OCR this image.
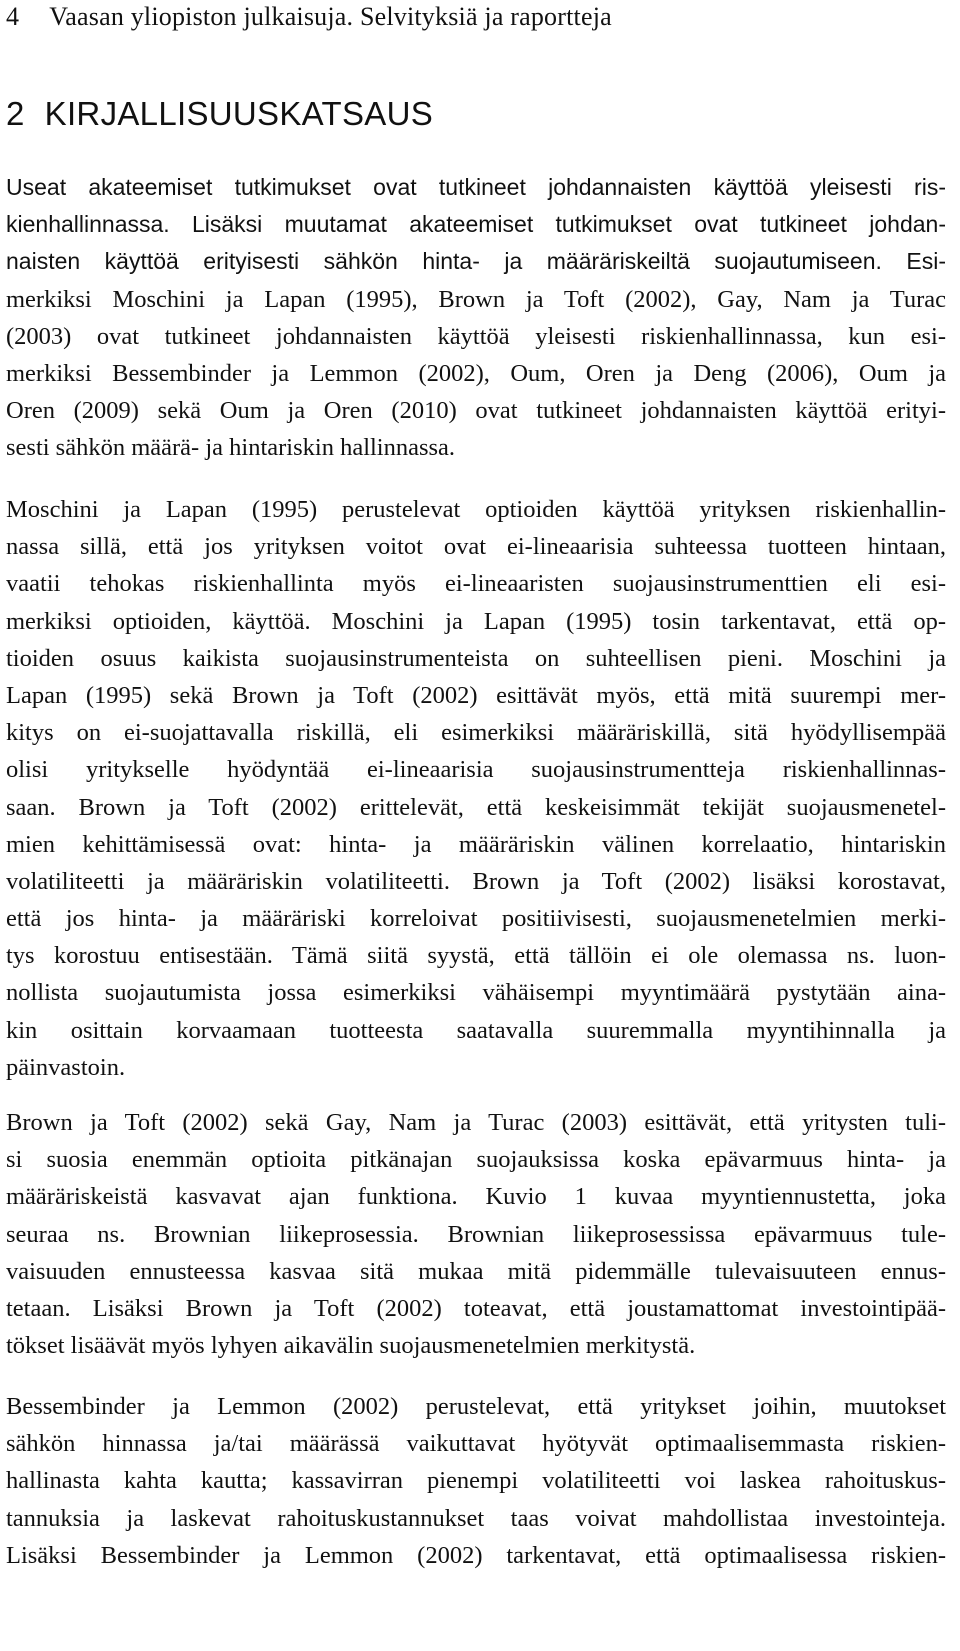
4 Vaasan yliopiston julkaisuja. Selvityksiä ja raportteja
2 KIRJALLISUUSKATSAUS
Useat akateemiset tutkimukset ovat tutkineet johdannaisten käyttöä yleisesti ris-
kienhallinnassa. Lisäksi muutamat akateemiset tutkimukset ovat tutkineet johdan-
naisten käyttöä erityisesti sähkön hinta- ja määräriskeiltä suojautumiseen. Esi-
merkiksi Moschini ja Lapan (1995), Brown ja Toft (2002), Gay, Nam ja Turac
(2003) ovat tutkineet johdannaisten käyttöä yleisesti riskienhallinnassa, kun esi-
merkiksi Bessembinder ja Lemmon (2002), Oum, Oren ja Deng (2006), Oum ja
Oren (2009) sekä Oum ja Oren (2010) ovat tutkineet johdannaisten käyttöä erityi-
sesti sähkön määrä- ja hintariskin hallinnassa.
Moschini ja Lapan (1995) perustelevat optioiden käyttöä yrityksen riskienhallin-
nassa sillä, että jos yrityksen voitot ovat ei-lineaarisia suhteessa tuotteen hintaan,
vaatii tehokas riskienhallinta myös ei-lineaaristen suojausinstrumenttien eli esi-
merkiksi optioiden, käyttöä. Moschini ja Lapan (1995) tosin tarkentavat, että op-
tioiden osuus kaikista suojausinstrumenteista on suhteellisen pieni. Moschini ja
Lapan (1995) sekä Brown ja Toft (2002) esittävät myös, että mitä suurempi mer-
kitys on ei-suojattavalla riskillä, eli esimerkiksi määräriskillä, sitä hyödyllisempää
olisi yritykselle hyödyntää ei-lineaarisia suojausinstrumentteja riskienhallinnas-
saan. Brown ja Toft (2002) erittelevät, että keskeisimmät tekijät suojausmenetel-
mien kehittämisessä ovat: hinta- ja määräriskin välinen korrelaatio, hintariskin
volatiliteetti ja määräriskin volatiliteetti. Brown ja Toft (2002) lisäksi korostavat,
että jos hinta- ja määräriski korreloivat positiivisesti, suojausmenetelmien merki-
tys korostuu entisestään. Tämä siitä syystä, että tällöin ei ole olemassa ns. luon-
nollista suojautumista jossa esimerkiksi vähäisempi myyntimäärä pystytään aina-
kin osittain korvaamaan tuotteesta saatavalla suuremmalla myyntihinnalla ja
päinvastoin.
Brown ja Toft (2002) sekä Gay, Nam ja Turac (2003) esittävät, että yritysten tuli-
si suosia enemmän optioita pitkänajan suojauksissa koska epävarmuus hinta- ja
määräriskeistä kasvavat ajan funktiona. Kuvio 1 kuvaa myyntiennustetta, joka
seuraa ns. Brownian liikeprosessia. Brownian liikeprosessissa epävarmuus tule-
vaisuuden ennusteessa kasvaa sitä mukaa mitä pidemmälle tulevaisuuteen ennus-
tetaan. Lisäksi Brown ja Toft (2002) toteavat, että joustamattomat investointipää-
tökset lisäävät myös lyhyen aikavälin suojausmenetelmien merkitystä.
Bessembinder ja Lemmon (2002) perustelevat, että yritykset joihin, muutokset
sähkön hinnassa ja/tai määrässä vaikuttavat hyötyvät optimaalisemmasta riskien-
hallinasta kahta kautta; kassavirran pienempi volatiliteetti voi laskea rahoituskus-
tannuksia ja laskevat rahoituskustannukset taas voivat mahdollistaa investointeja.
Lisäksi Bessembinder ja Lemmon (2002) tarkentavat, että optimaalisessa riskien-
